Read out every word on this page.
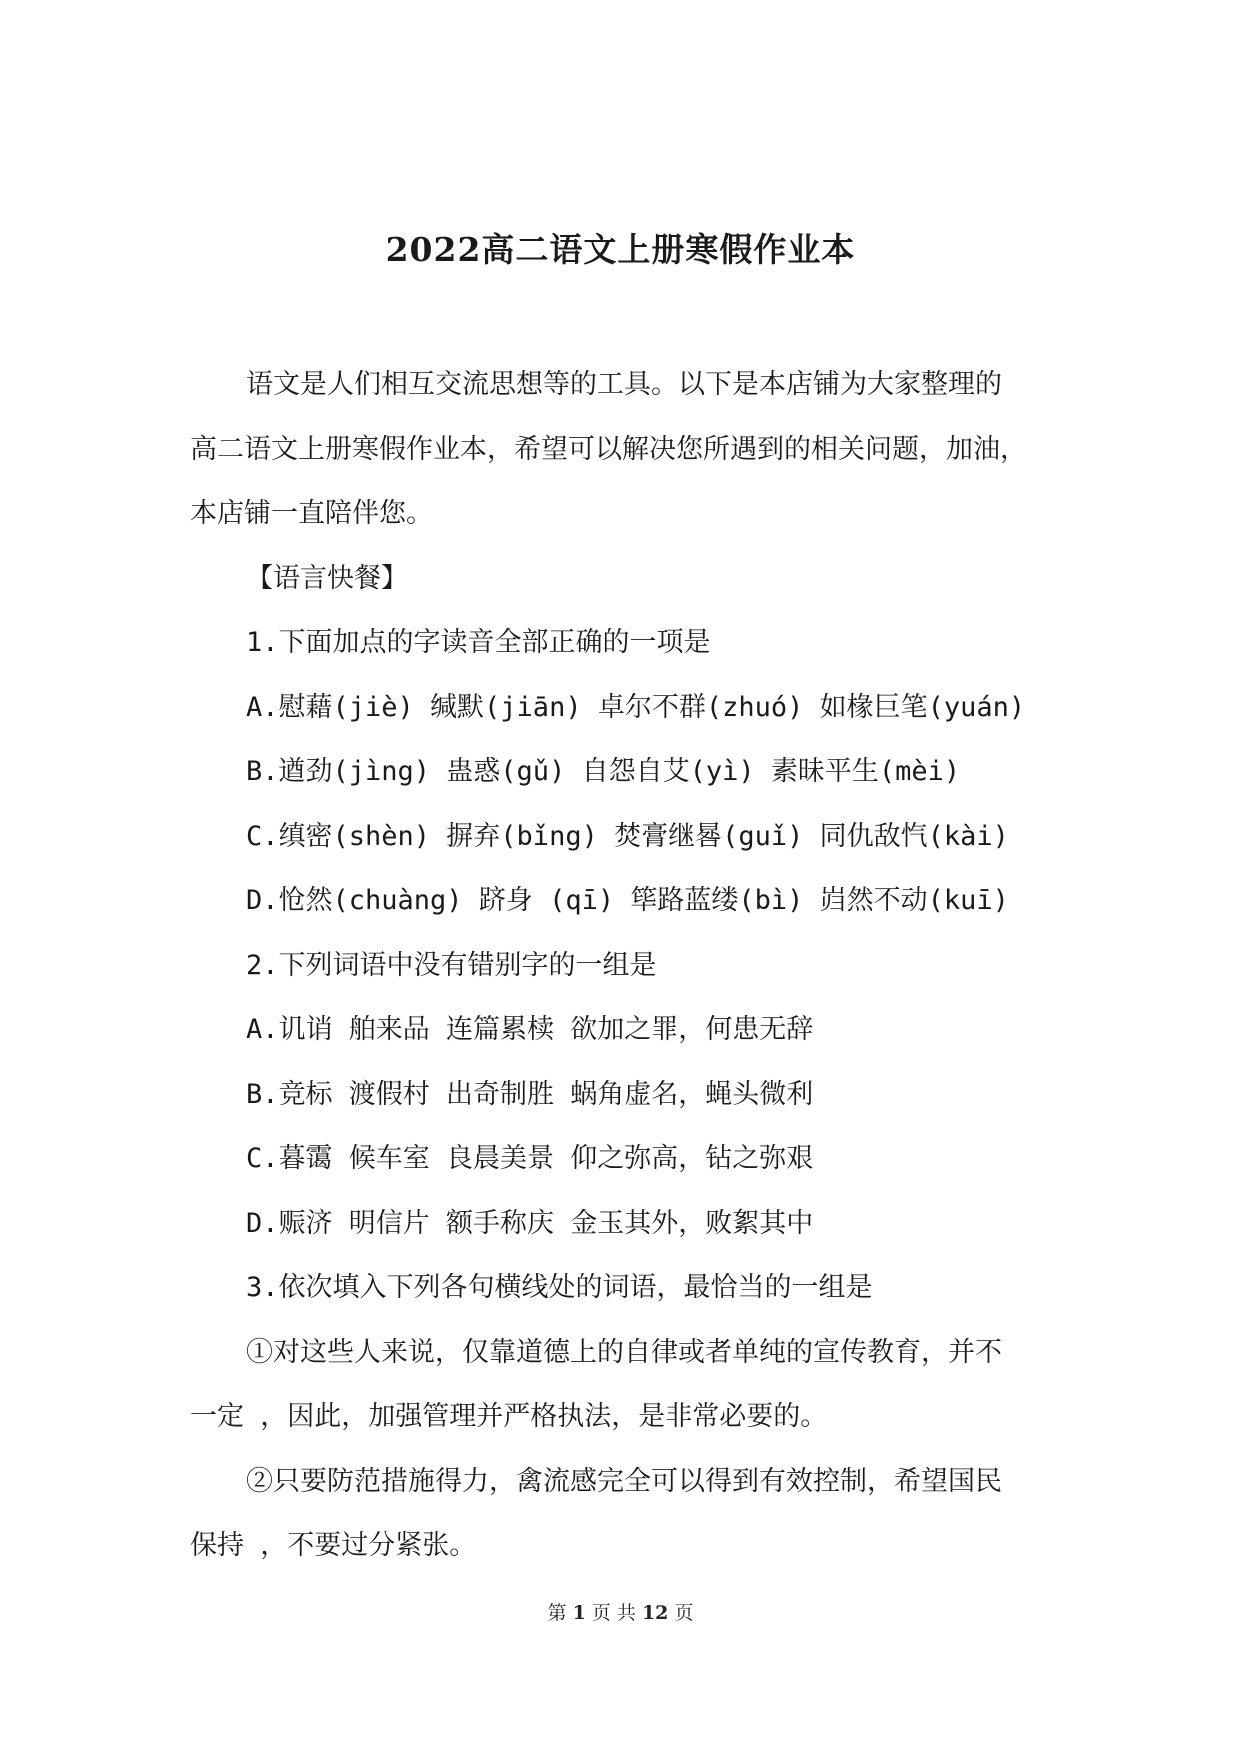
2022高二语文上册寒假作业本
语文是人们相互交流思想等的工具。以下是本店铺为大家整理的
高二语文上册寒假作业本，希望可以解决您所遇到的相关问题，加油，
本店铺一直陪伴您。
【语言快餐】
1.下面加点的字读音全部正确的一项是
A.慰藉(jiè) 缄默(jiān) 卓尔不群(zhuó) 如椽巨笔(yuán)
B.遒劲(jìng) 蛊惑(gǔ) 自怨自艾(yì) 素昧平生(mèi)
C.缜密(shèn) 摒弃(bǐng) 焚膏继晷(guǐ) 同仇敌忾(kài)
D.怆然(chuàng) 跻身 (qī) 筚路蓝缕(bì) 岿然不动(kuī)
2.下列词语中没有错别字的一组是
A.讥诮 舶来品 连篇累椟 欲加之罪，何患无辞
B.竞标 渡假村 出奇制胜 蜗角虚名，蝇头微利
C.暮霭 候车室 良晨美景 仰之弥高，钻之弥艰
D.赈济 明信片 额手称庆 金玉其外，败絮其中
3.依次填入下列各句横线处的词语，最恰当的一组是
①对这些人来说，仅靠道德上的自律或者单纯的宣传教育，并不
一定 ，因此，加强管理并严格执法，是非常必要的。
②只要防范措施得力，禽流感完全可以得到有效控制，希望国民
保持 ，不要过分紧张。
第 1 页 共 12 页
